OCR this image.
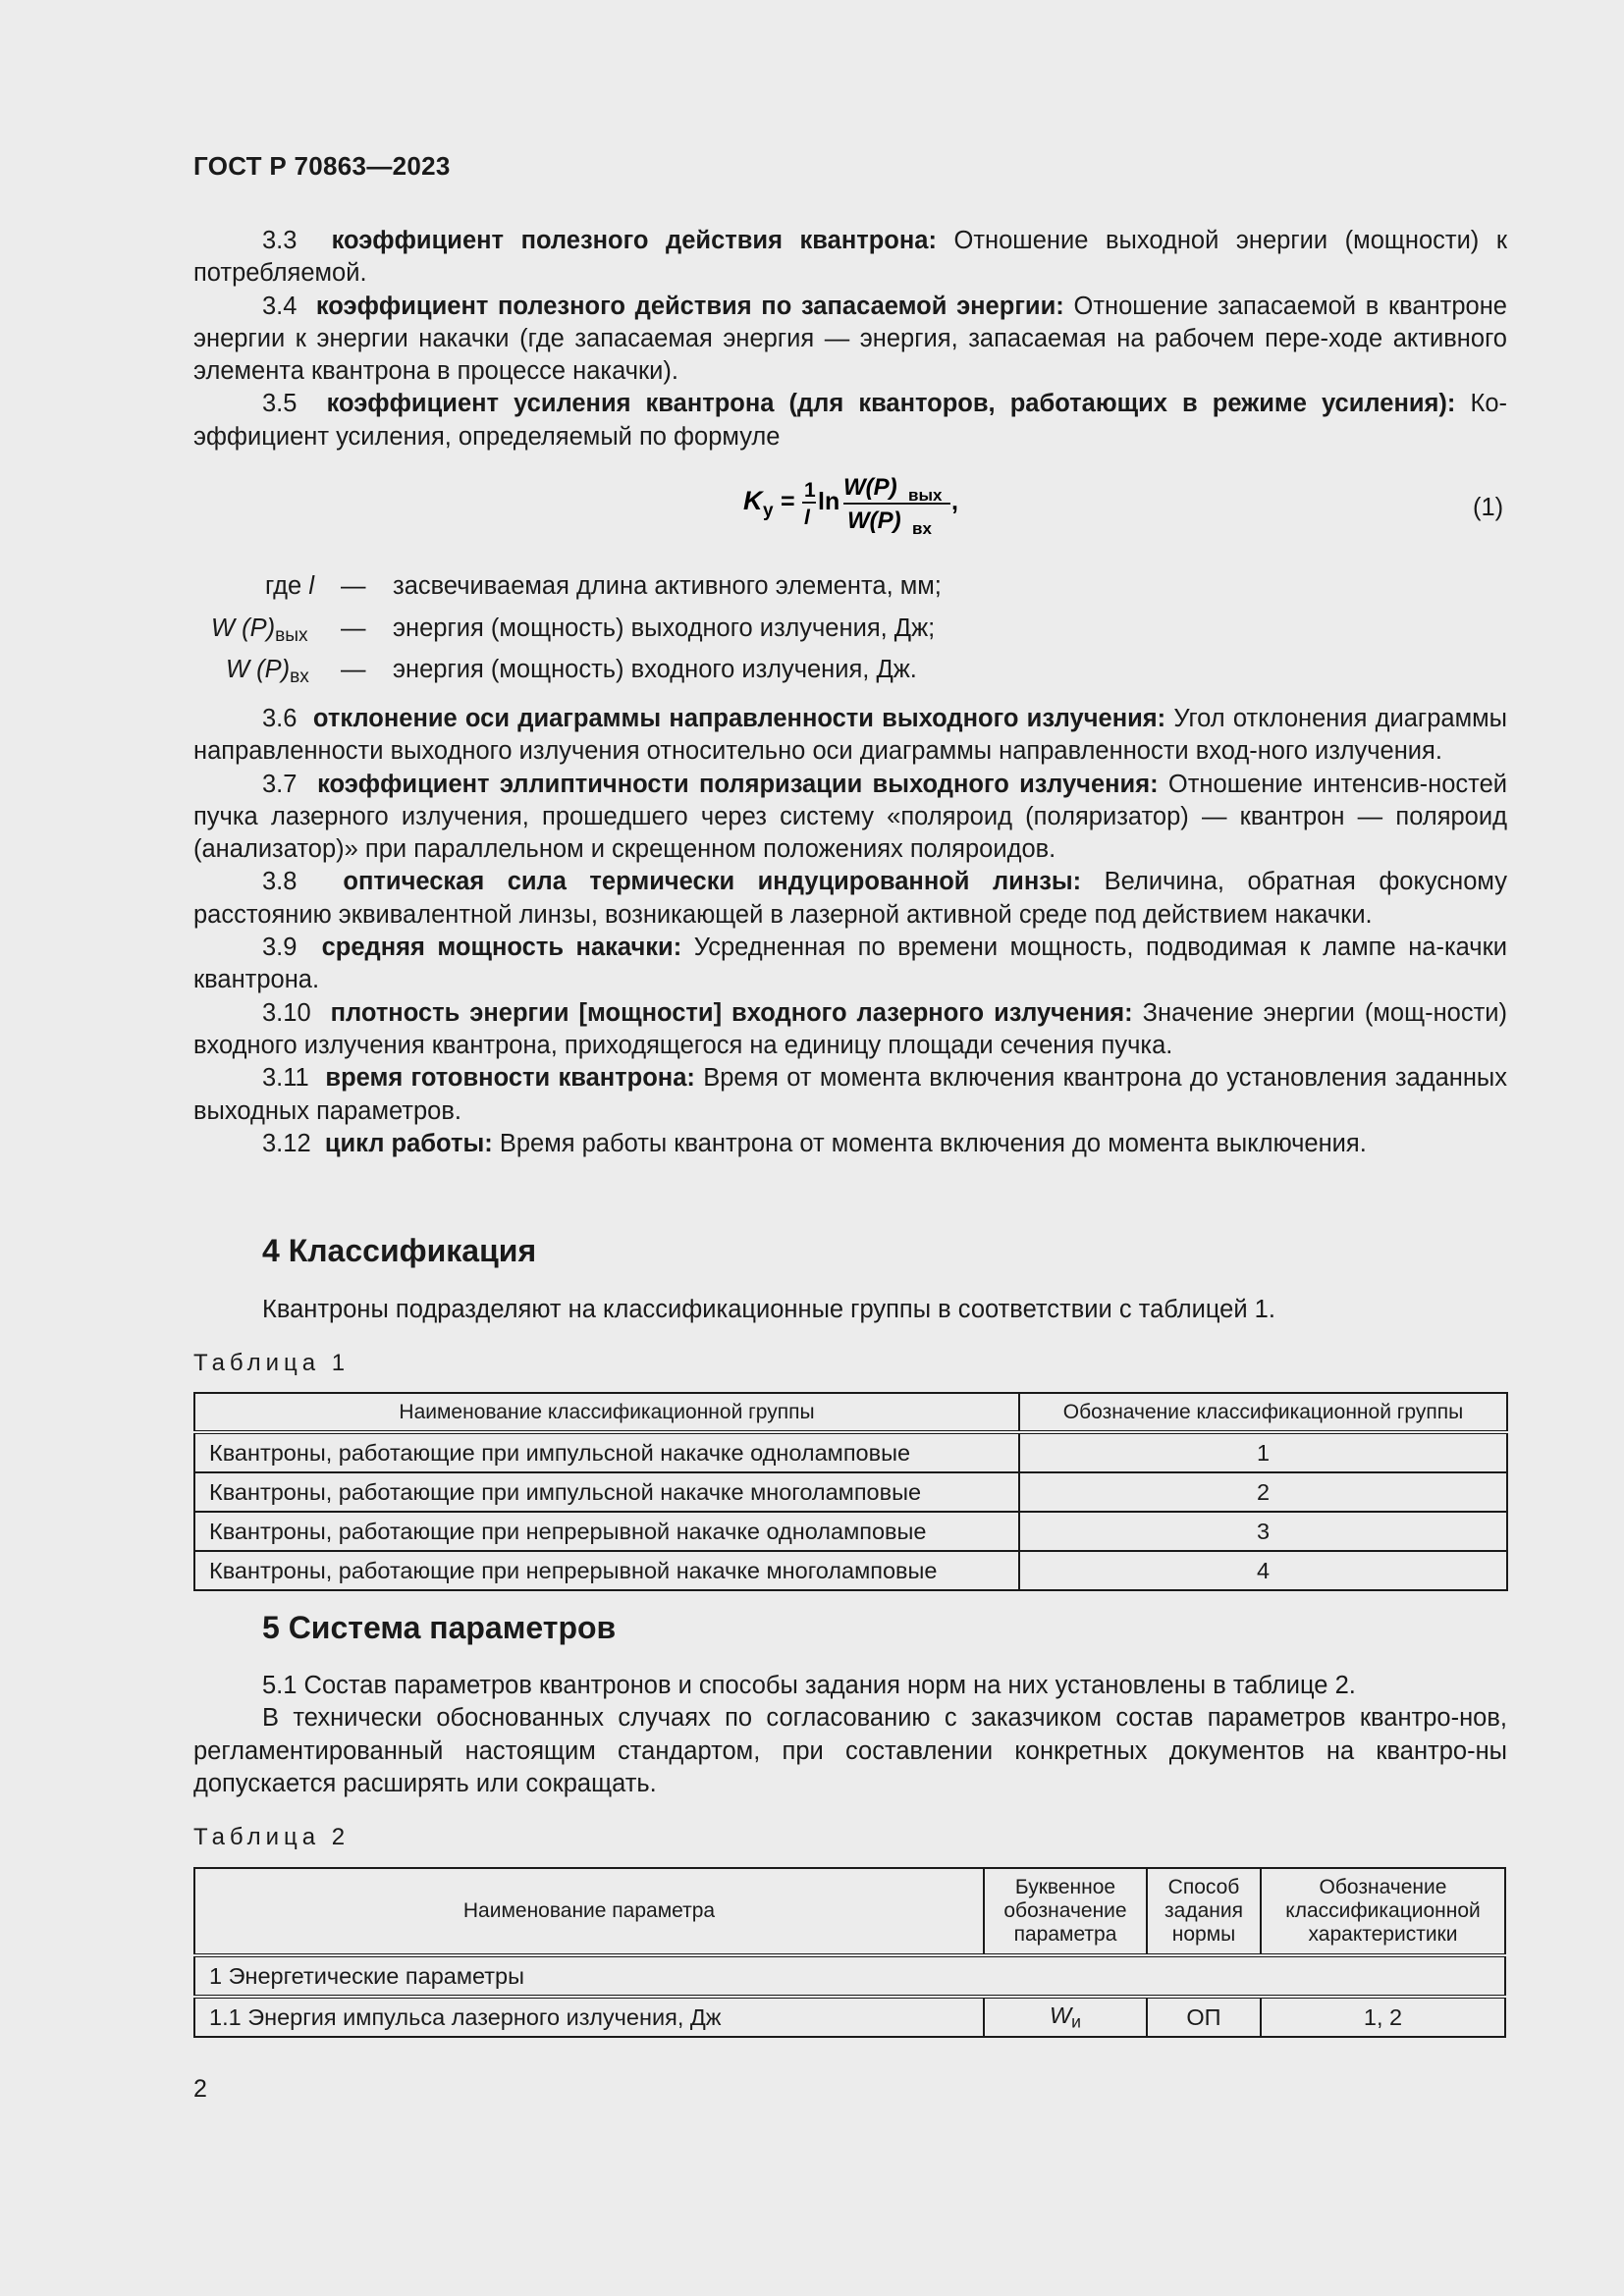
ГОСТ Р 70863—2023

3.3 коэффициент полезного действия квантрона: Отношение выходной энергии (мощности) к потребляемой.

3.4 коэффициент полезного действия по запасаемой энергии: Отношение запасаемой в квантроне энергии к энергии накачки (где запасаемая энергия — энергия, запасаемая на рабочем пере-ходе активного элемента квантрона в процессе накачки).

3.5 коэффициент усиления квантрона (для кванторов, работающих в режиме усиления): Ко-эффициент усиления, определяемый по формуле

K у = 1
l
ln
W(P) вых
W(P) вх
,	(1)
где l — засвечиваемая длина активного элемента, мм;
W $(P)_{вых}$ — энергия (мощность) выходного излучения, Дж;
W $(P)_{вх}$ — энергия (мощность) входного излучения, Дж.

3.6 отклонение оси диаграммы направленности выходного излучения: Угол отклонения диаграммы направленности выходного излучения относительно оси диаграммы направленности вход-ного излучения.

3.7 коэффициент эллиптичности поляризации выходного излучения: Отношение интенсив-ностей пучка лазерного излучения, прошедшего через систему «поляроид (поляризатор) — квантрон — поляроид (анализатор)» при параллельном и скрещенном положениях поляроидов.

3.8 оптическая сила термически индуцированной линзы: Величина, обратная фокусному расстоянию эквивалентной линзы, возникающей в лазерной активной среде под действием накачки.

3.9 средняя мощность накачки: Усредненная по времени мощность, подводимая к лампе на-качки квантрона.

3.10 плотность энергии [мощности] входного лазерного излучения: Значение энергии (мощ-ности) входного излучения квантрона, приходящегося на единицу площади сечения пучка.

3.11 время готовности квантрона: Время от момента включения квантрона до установления заданных выходных параметров.

3.12 цикл работы: Время работы квантрона от момента включения до момента выключения.

4 Классификация

Квантроны подразделяют на классификационные группы в соответствии с таблицей 1.

Таблица 1
Наименование классификационной группы	Обозначение классификационной группы
Квантроны, работающие при импульсной накачке одноламповые	1
Квантроны, работающие при импульсной накачке многоламповые	2
Квантроны, работающие при непрерывной накачке одноламповые	3
Квантроны, работающие при непрерывной накачке многоламповые	4
5 Система параметров

5.1 Состав параметров квантронов и способы задания норм на них установлены в таблице 2.

В технически обоснованных случаях по согласованию с заказчиком состав параметров квантро-нов, регламентированный настоящим стандартом, при составлении конкретных документов на квантро-ны допускается расширять или сокращать.

Таблица 2
Наименование параметра	Буквенное обозначение параметра	Способ задания нормы	Обозначение классификационной характеристики
1 Энергетические параметры			
1.1 Энергия импульса лазерного излучения, Дж	$W_и$	ОП	1, 2
2
